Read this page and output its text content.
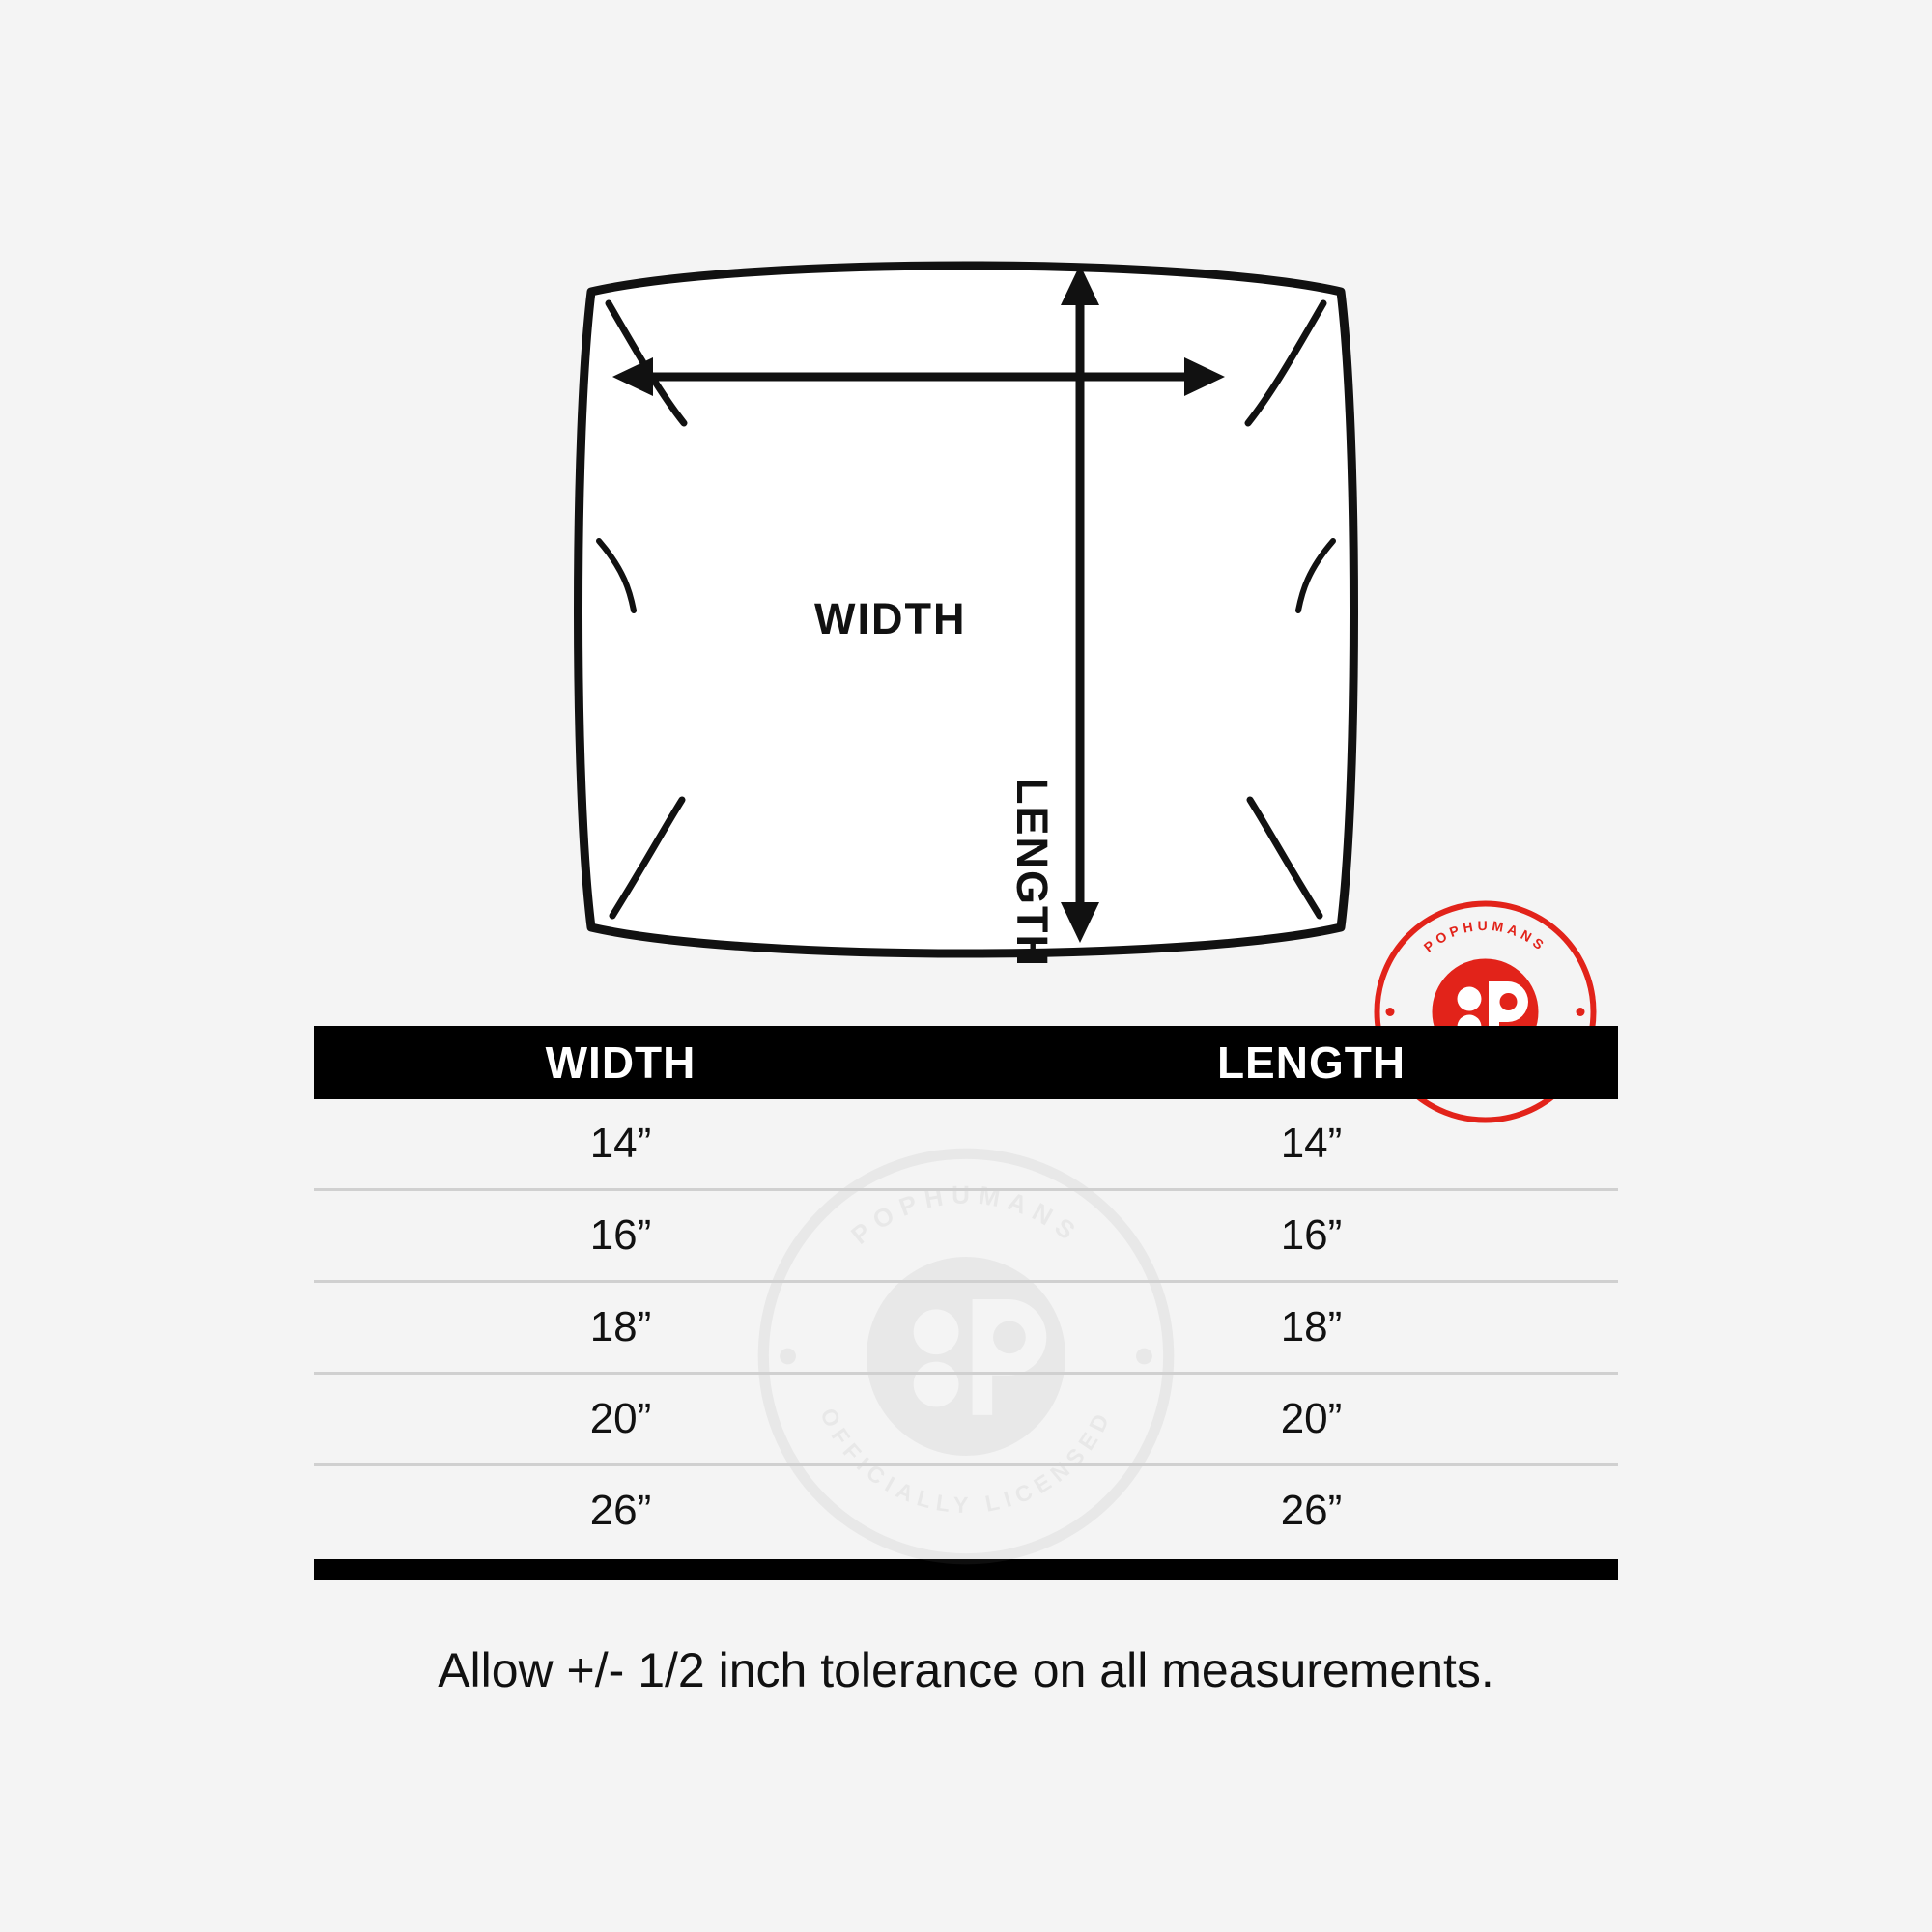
WIDTH
LENGTH	POPHUMANS
WIDTH	LENGTH
POPHUMANS
OFFICIALLY LICENSED
14”	14”
16”	16”
18”	18”
20”	20”
26”	26”
Allow +/- 1/2 inch tolerance on all measurements.
